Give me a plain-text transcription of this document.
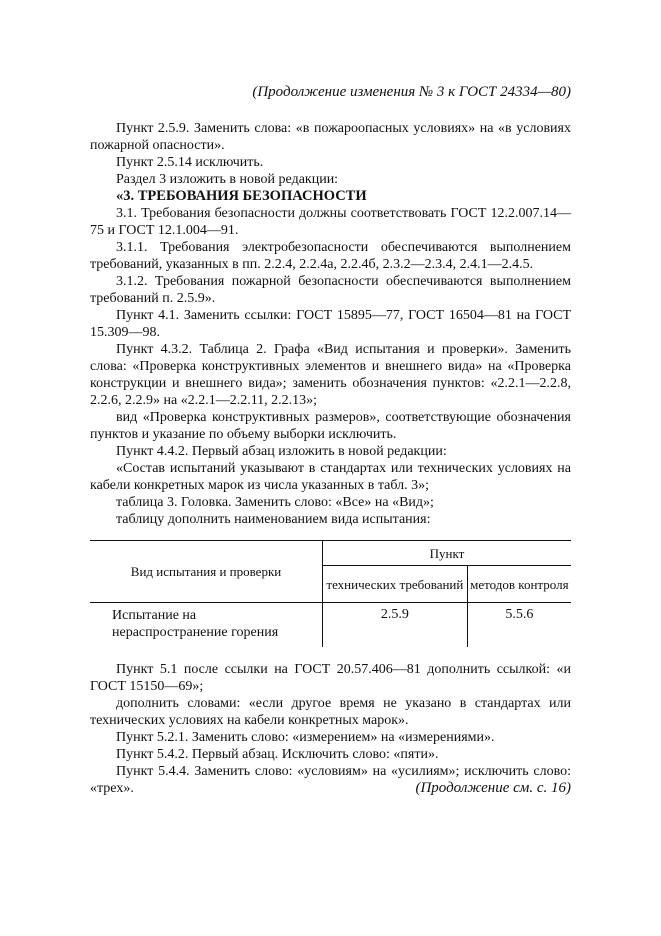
(Продолжение изменения № 3 к ГОСТ 24334—80)

Пункт 2.5.9. Заменить слова: «в пожароопасных условиях» на «в условиях пожарной опасности».

Пункт 2.5.14 исключить.

Раздел 3 изложить в новой редакции:

«3. ТРЕБОВАНИЯ БЕЗОПАСНОСТИ

3.1. Требования безопасности должны соответствовать ГОСТ 12.2.007.14—75 и ГОСТ 12.1.004—91.

3.1.1. Требования электробезопасности обеспечиваются выполнением требований, указанных в пп. 2.2.4, 2.2.4а, 2.2.4б, 2.3.2—2.3.4, 2.4.1—2.4.5.

3.1.2. Требования пожарной безопасности обеспечиваются выполнением требований п. 2.5.9».

Пункт 4.1. Заменить ссылки: ГОСТ 15895—77, ГОСТ 16504—81 на ГОСТ 15.309—98.

Пункт 4.3.2. Таблица 2. Графа «Вид испытания и проверки». Заменить слова: «Проверка конструктивных элементов и внешнего вида» на «Проверка конструкции и внешнего вида»; заменить обозначения пунктов: «2.2.1—2.2.8, 2.2.6, 2.2.9» на «2.2.1—2.2.11, 2.2.13»;

вид «Проверка конструктивных размеров», соответствующие обозначения пунктов и указание по объему выборки исключить.

Пункт 4.4.2. Первый абзац изложить в новой редакции:

«Состав испытаний указывают в стандартах или технических условиях на кабели конкретных марок из числа указанных в табл. 3»;

таблица 3. Головка. Заменить слово: «Все» на «Вид»;

таблицу дополнить наименованием вида испытания:

Вид испытания и проверки	Пункт	
	технических требований	методов контроля
Испытание на нераспространение горения	2.5.9	5.5.6

Пункт 5.1 после ссылки на ГОСТ 20.57.406—81 дополнить ссылкой: «и ГОСТ 15150—69»;

дополнить словами: «если другое время не указано в стандартах или технических условиях на кабели конкретных марок».

Пункт 5.2.1. Заменить слово: «измерением» на «измерениями».

Пункт 5.4.2. Первый абзац. Исключить слово: «пяти».

Пункт 5.4.4. Заменить слово: «условиям» на «усилиям»; исключить слово: «трех».	(Продолжение см. с. 16)
